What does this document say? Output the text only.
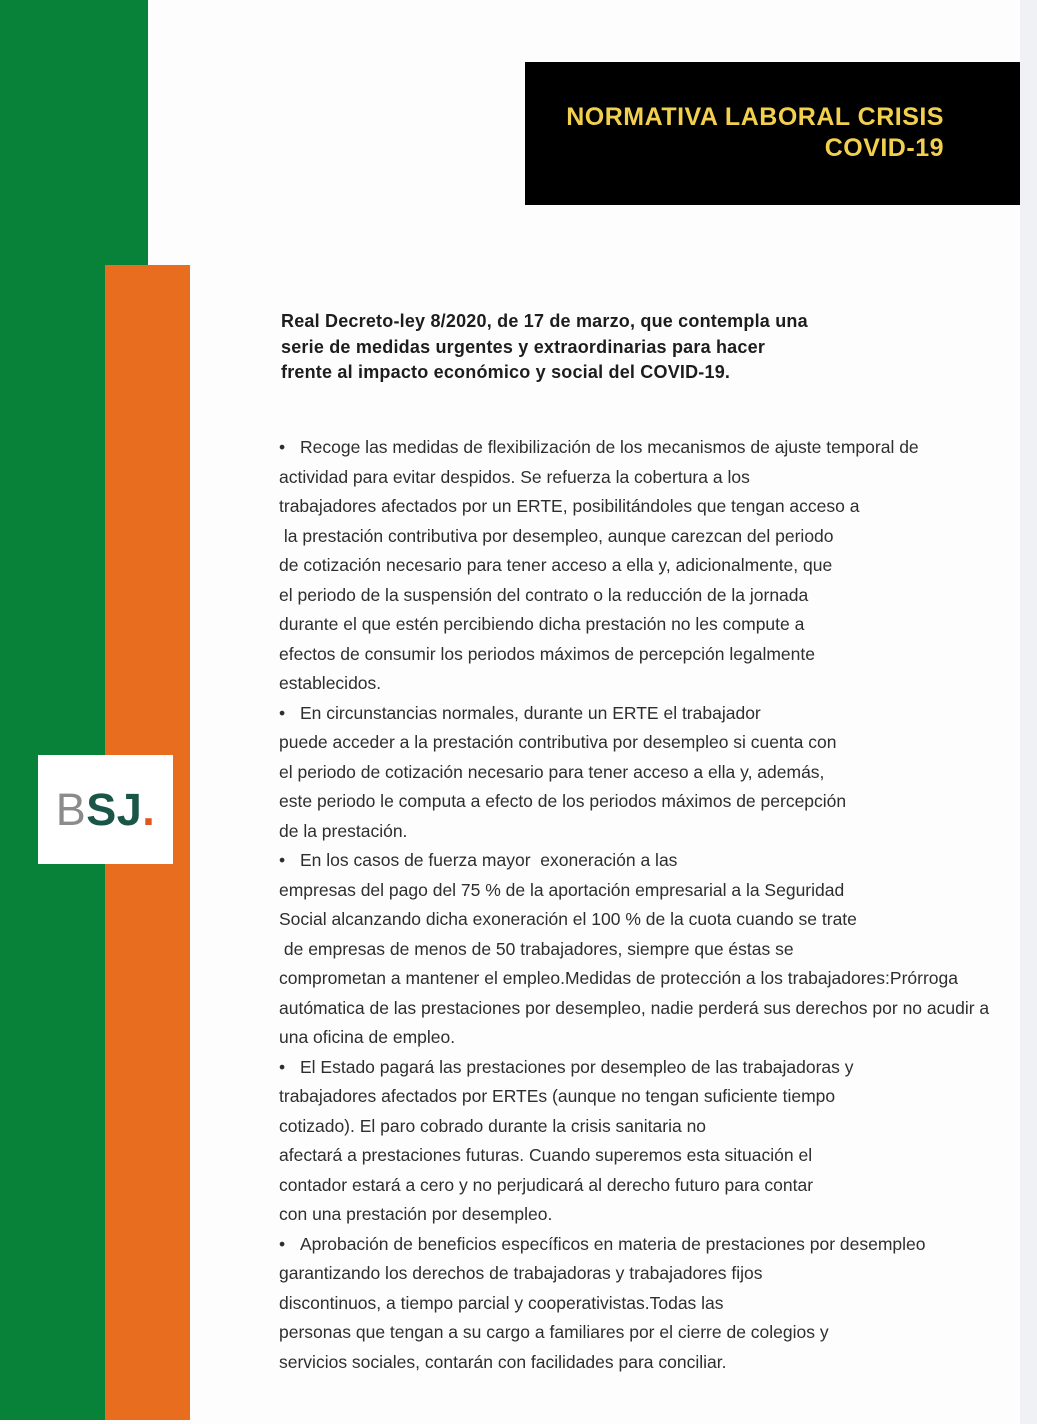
NORMATIVA LABORAL CRISIS
COVID-19
B SJ .
Real Decreto-ley 8/2020, de 17 de marzo, que contempla una
serie de medidas urgentes y extraordinarias para hacer
frente al impacto económico y social del COVID-19.

• Recoge las medidas de flexibilización de los mecanismos de ajuste temporal de
actividad para evitar despidos. Se refuerza la cobertura a los
trabajadores afectados por un ERTE, posibilitándoles que tengan acceso a
la prestación contributiva por desempleo, aunque carezcan del periodo
de cotización necesario para tener acceso a ella y, adicionalmente, que
el periodo de la suspensión del contrato o la reducción de la jornada
durante el que estén percibiendo dicha prestación no les compute a
efectos de consumir los periodos máximos de percepción legalmente
establecidos.

• En circunstancias normales, durante un ERTE el trabajador
puede acceder a la prestación contributiva por desempleo si cuenta con
el periodo de cotización necesario para tener acceso a ella y, además,
este periodo le computa a efecto de los periodos máximos de percepción
de la prestación.

• En los casos de fuerza mayor  exoneración a las
empresas del pago del 75 % de la aportación empresarial a la Seguridad
Social alcanzando dicha exoneración el 100 % de la cuota cuando se trate
de empresas de menos de 50 trabajadores, siempre que éstas se
comprometan a mantener el empleo.Medidas de protección a los trabajadores:Prórroga
autómatica de las prestaciones por desempleo, nadie perderá sus derechos por no acudir a
una oficina de empleo.

• El Estado pagará las prestaciones por desempleo de las trabajadoras y
trabajadores afectados por ERTEs (aunque no tengan suficiente tiempo
cotizado). El paro cobrado durante la crisis sanitaria no
afectará a prestaciones futuras. Cuando superemos esta situación el
contador estará a cero y no perjudicará al derecho futuro para contar
con una prestación por desempleo.

• Aprobación de beneficios específicos en materia de prestaciones por desempleo
garantizando los derechos de trabajadoras y trabajadores fijos
discontinuos, a tiempo parcial y cooperativistas.Todas las
personas que tengan a su cargo a familiares por el cierre de colegios y
servicios sociales, contarán con facilidades para conciliar.
